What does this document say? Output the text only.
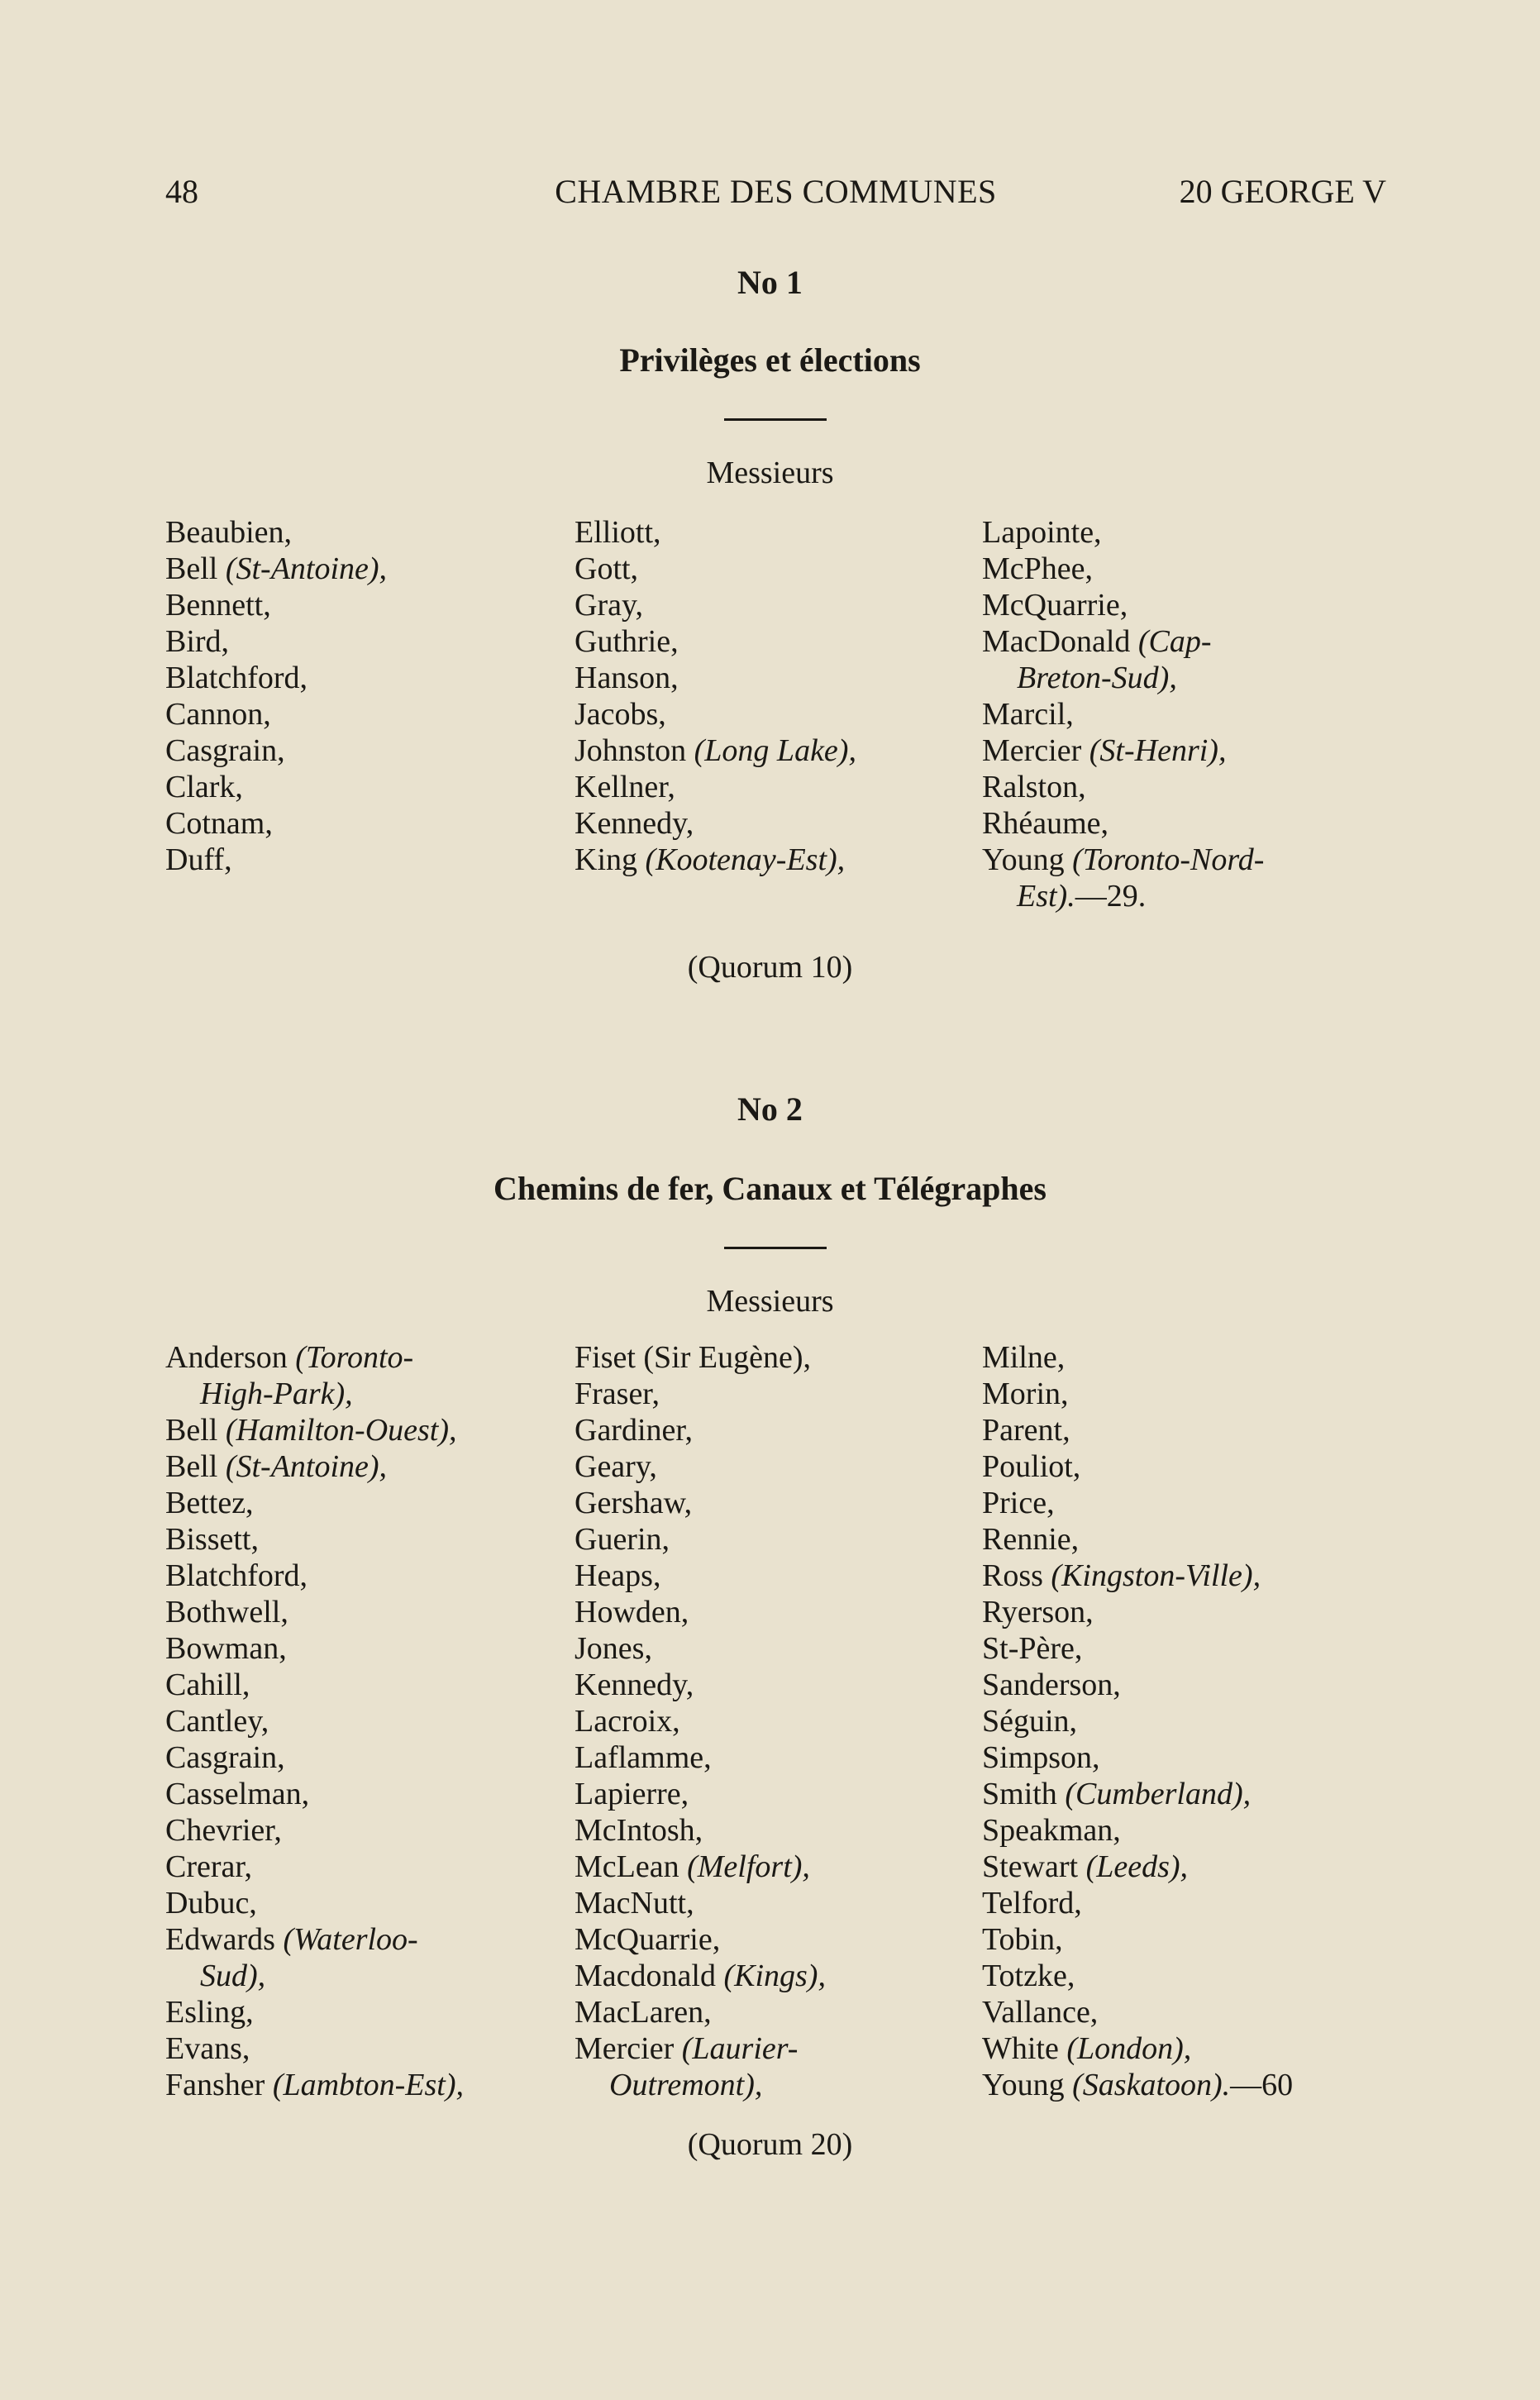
48	CHAMBRE DES COMMUNES	20 GEORGE V
No 1
Privilèges et élections
Messieurs
Beaubien,
Bell (St-Antoine),
Bennett,
Bird,
Blatchford,
Cannon,
Casgrain,
Clark,
Cotnam,
Duff,
Elliott,
Gott,
Gray,
Guthrie,
Hanson,
Jacobs,
Johnston (Long Lake),
Kellner,
Kennedy,
King (Kootenay-Est),
Lapointe,
McPhee,
McQuarrie,
MacDonald (Cap-
Breton-Sud),
Marcil,
Mercier (St-Henri),
Ralston,
Rhéaume,
Young (Toronto-Nord-
Est).—29.
(Quorum 10)
No 2
Chemins de fer, Canaux et Télégraphes
Messieurs
Anderson (Toronto-
High-Park),
Bell (Hamilton-Ouest),
Bell (St-Antoine),
Bettez,
Bissett,
Blatchford,
Bothwell,
Bowman,
Cahill,
Cantley,
Casgrain,
Casselman,
Chevrier,
Crerar,
Dubuc,
Edwards (Waterloo-
Sud),
Esling,
Evans,
Fansher (Lambton-Est),
Fiset (Sir Eugène),
Fraser,
Gardiner,
Geary,
Gershaw,
Guerin,
Heaps,
Howden,
Jones,
Kennedy,
Lacroix,
Laflamme,
Lapierre,
McIntosh,
McLean (Melfort),
MacNutt,
McQuarrie,
Macdonald (Kings),
MacLaren,
Mercier (Laurier-
Outremont),
Milne,
Morin,
Parent,
Pouliot,
Price,
Rennie,
Ross (Kingston-Ville),
Ryerson,
St-Père,
Sanderson,
Séguin,
Simpson,
Smith (Cumberland),
Speakman,
Stewart (Leeds),
Telford,
Tobin,
Totzke,
Vallance,
White (London),
Young (Saskatoon).—60
(Quorum 20)
